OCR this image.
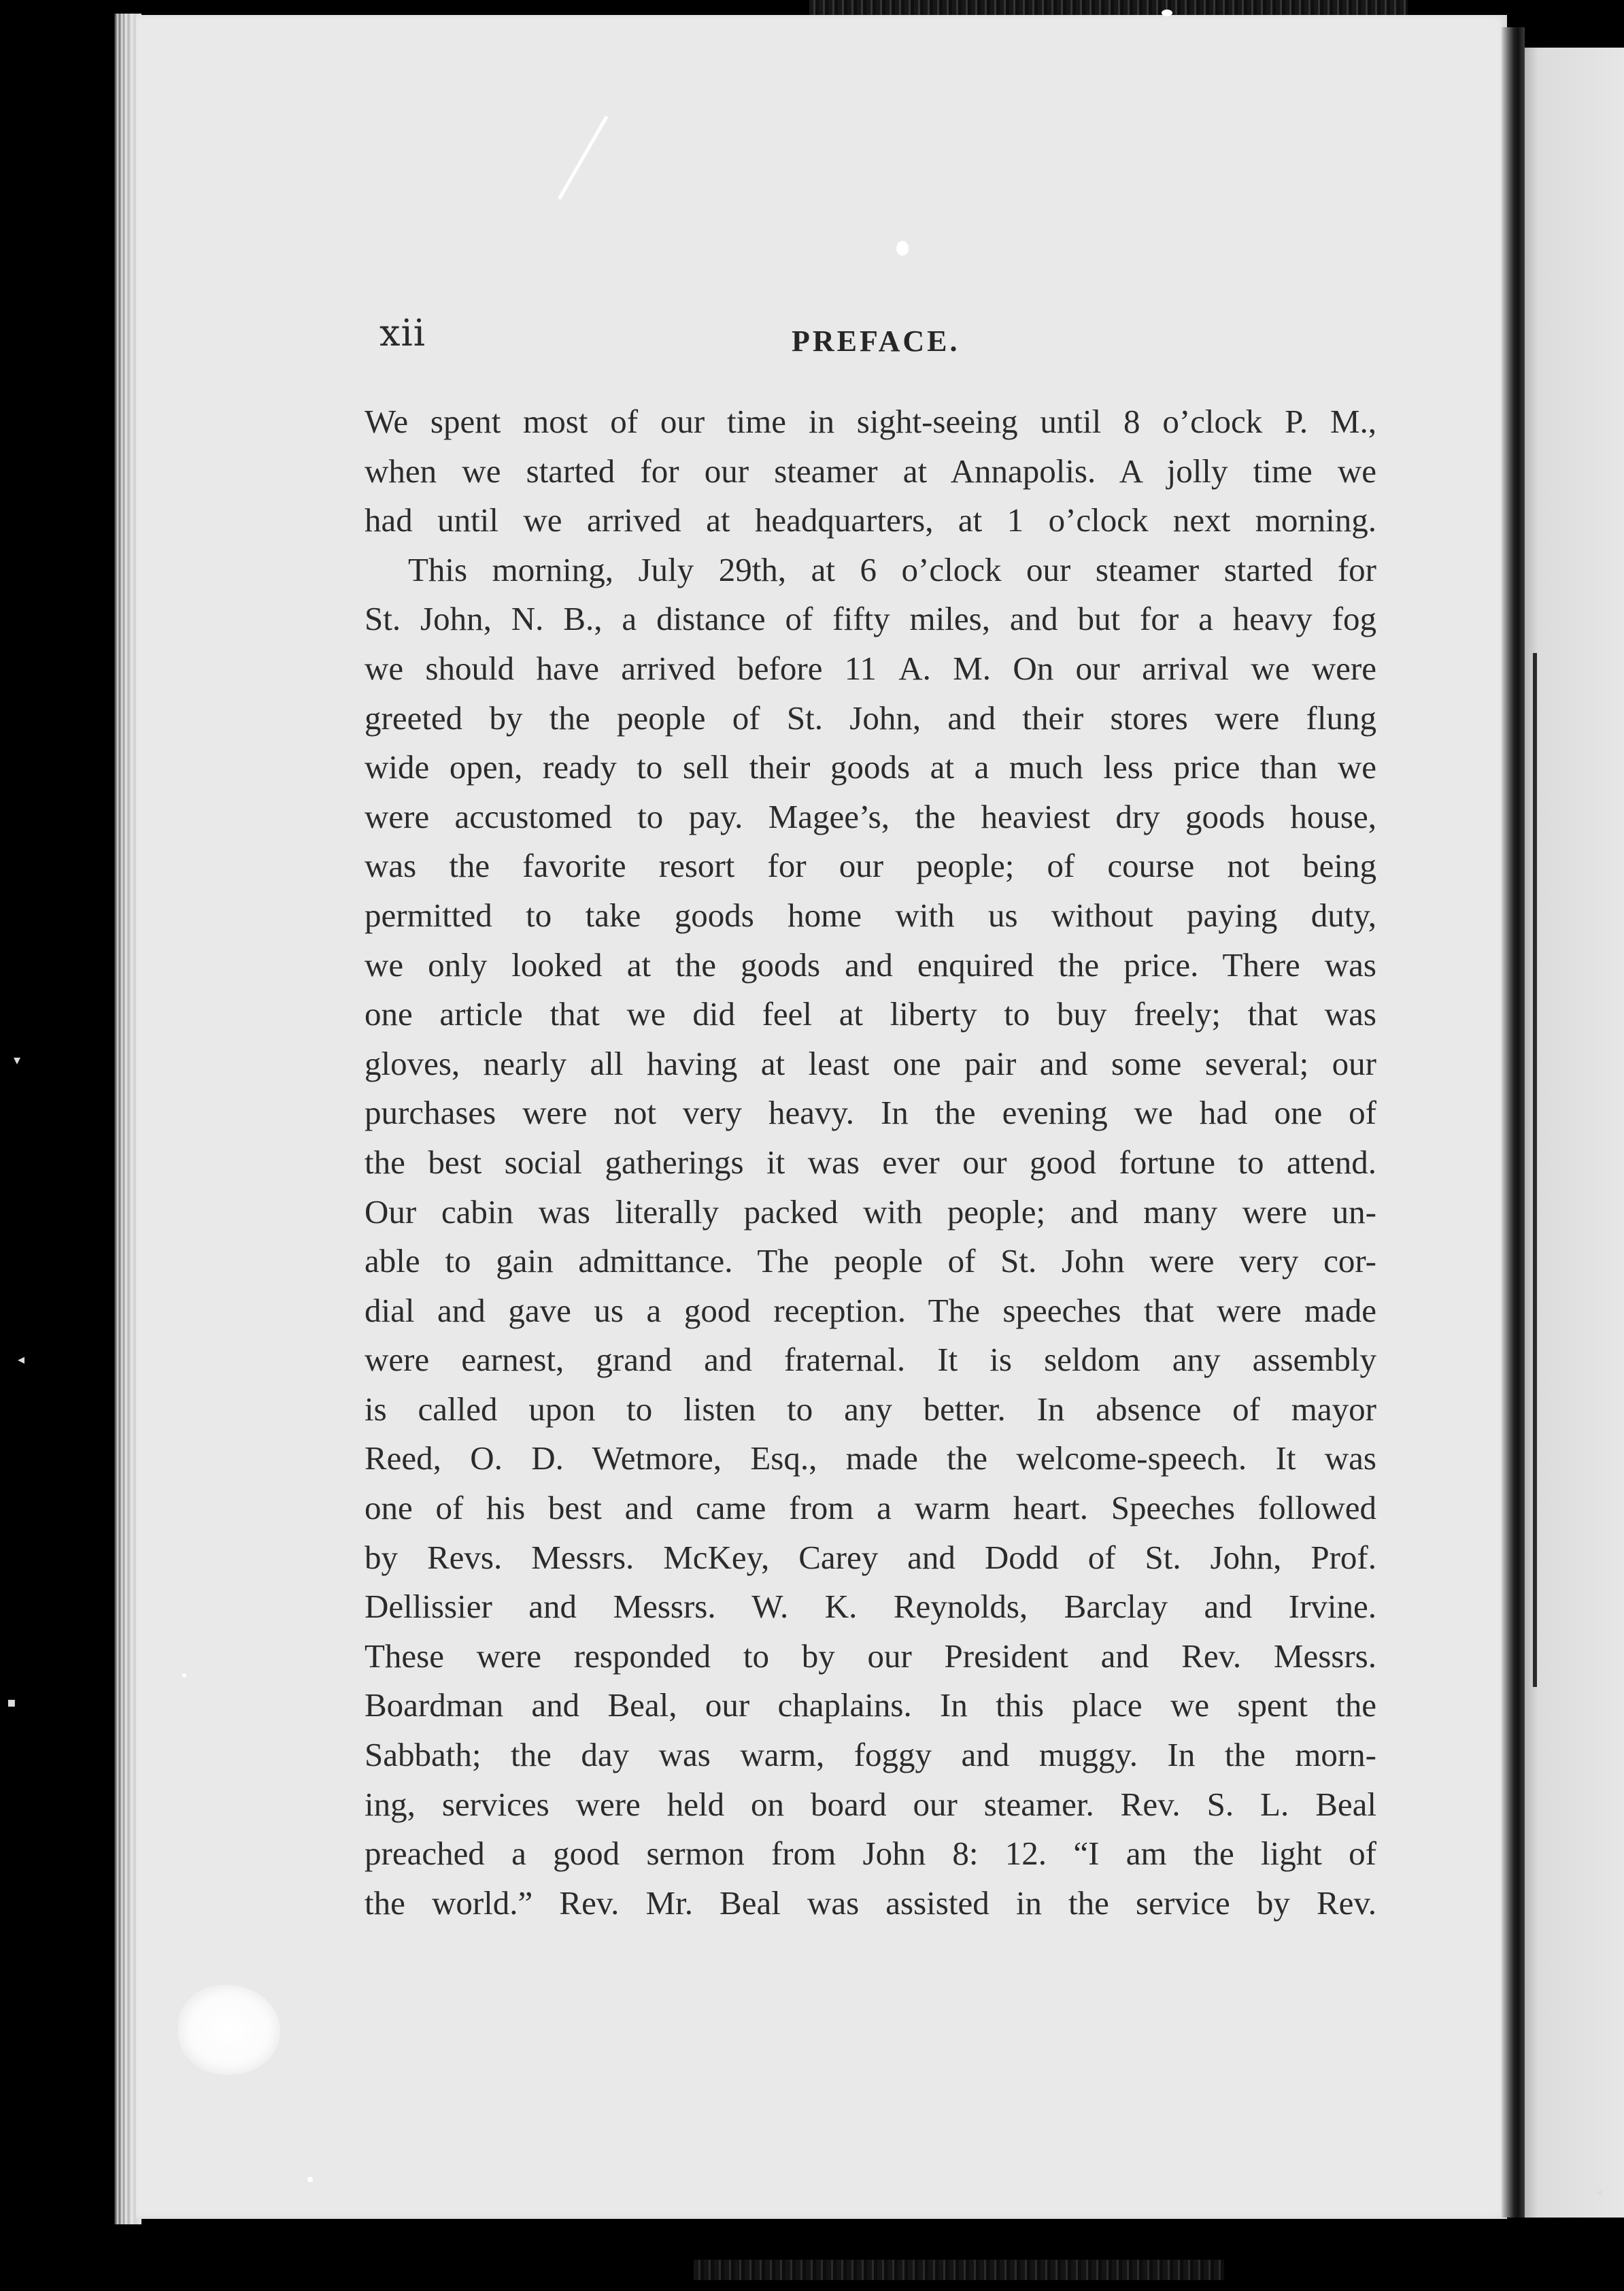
xii	PREFACE.
We spent most of our time in sight-seeing until 8 o’clock P. M.,
when we started for our steamer at Annapolis. A jolly time we
had until we arrived at headquarters, at 1 o’clock next morning.
This morning, July 29th, at 6 o’clock our steamer started for
St. John, N. B., a distance of fifty miles, and but for a heavy fog
we should have arrived before 11 A. M. On our arrival we were
greeted by the people of St. John, and their stores were flung
wide open, ready to sell their goods at a much less price than we
were accustomed to pay. Magee’s, the heaviest dry goods house,
was the favorite resort for our people; of course not being
permitted to take goods home with us without paying duty,
we only looked at the goods and enquired the price. There was
one article that we did feel at liberty to buy freely; that was
gloves, nearly all having at least one pair and some several; our
purchases were not very heavy. In the evening we had one of
the best social gatherings it was ever our good fortune to attend.
Our cabin was literally packed with people; and many were un-
able to gain admittance. The people of St. John were very cor-
dial and gave us a good reception. The speeches that were made
were earnest, grand and fraternal. It is seldom any assembly
is called upon to listen to any better. In absence of mayor
Reed, O. D. Wetmore, Esq., made the welcome-speech. It was
one of his best and came from a warm heart. Speeches followed
by Revs. Messrs. McKey, Carey and Dodd of St. John, Prof.
Dellissier and Messrs. W. K. Reynolds, Barclay and Irvine.
These were responded to by our President and Rev. Messrs.
Boardman and Beal, our chaplains. In this place we spent the
Sabbath; the day was warm, foggy and muggy. In the morn-
ing, services were held on board our steamer. Rev. S. L. Beal
preached a good sermon from John 8: 12. “I am the light of
the world.” Rev. Mr. Beal was assisted in the service by Rev.
▾
◂
▪
◂
